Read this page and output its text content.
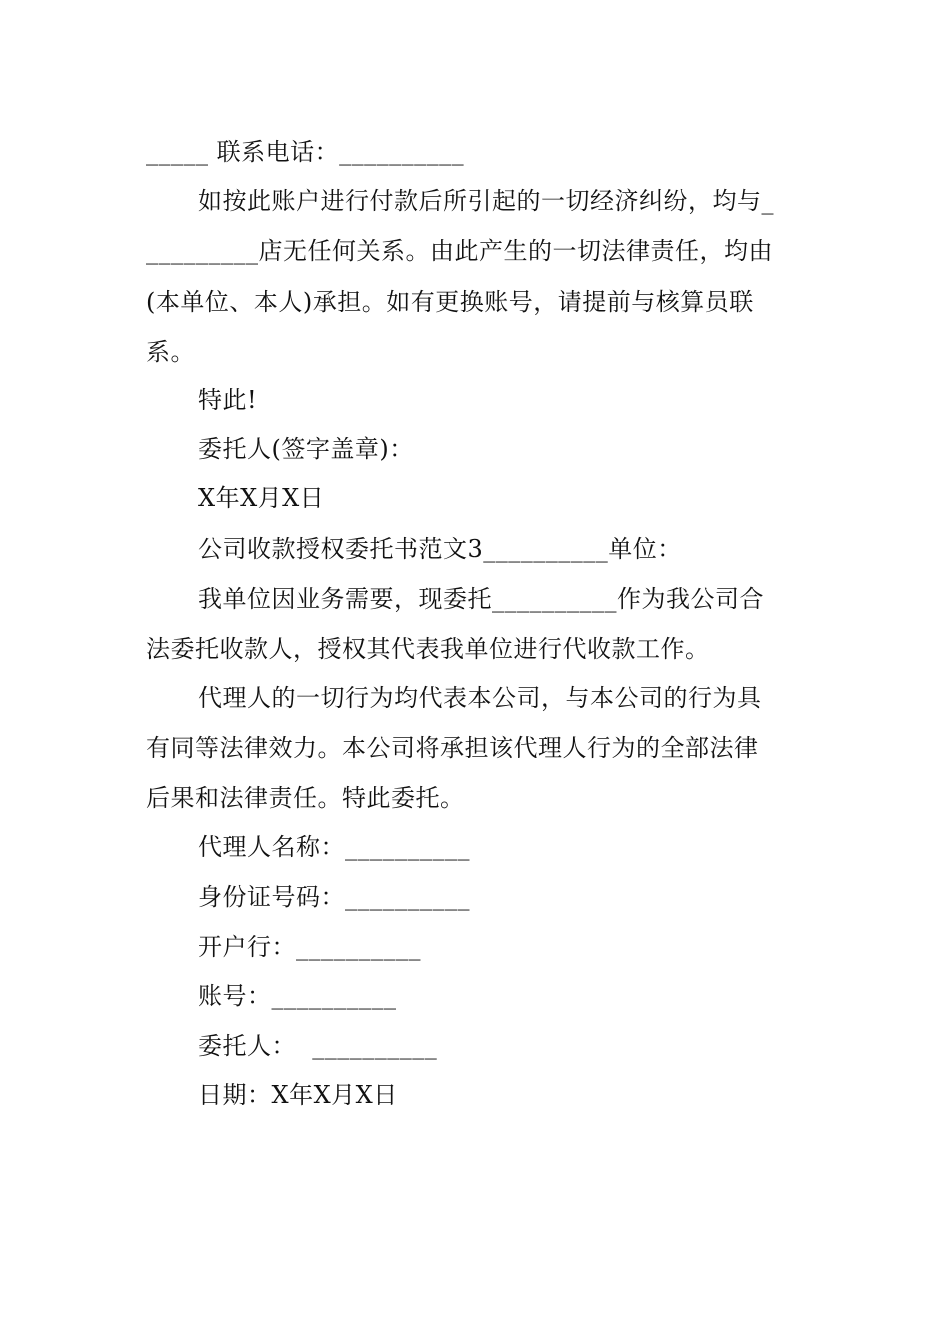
_____ 联系电话：__________
如按此账户进行付款后所引起的一切经济纠纷，均与_
_________店无任何关系。由此产生的一切法律责任，均由
(本单位、本人)承担。如有更换账号，请提前与核算员联
系。
特此!
委托人(签字盖章)：
X年X月X日
公司收款授权委托书范文3__________单位：
我单位因业务需要，现委托__________作为我公司合
法委托收款人，授权其代表我单位进行代收款工作。
代理人的一切行为均代表本公司，与本公司的行为具
有同等法律效力。本公司将承担该代理人行为的全部法律
后果和法律责任。特此委托。
代理人名称：__________
身份证号码：__________
开户行：__________
账号：__________
委托人：  __________
日期：X年X月X日
